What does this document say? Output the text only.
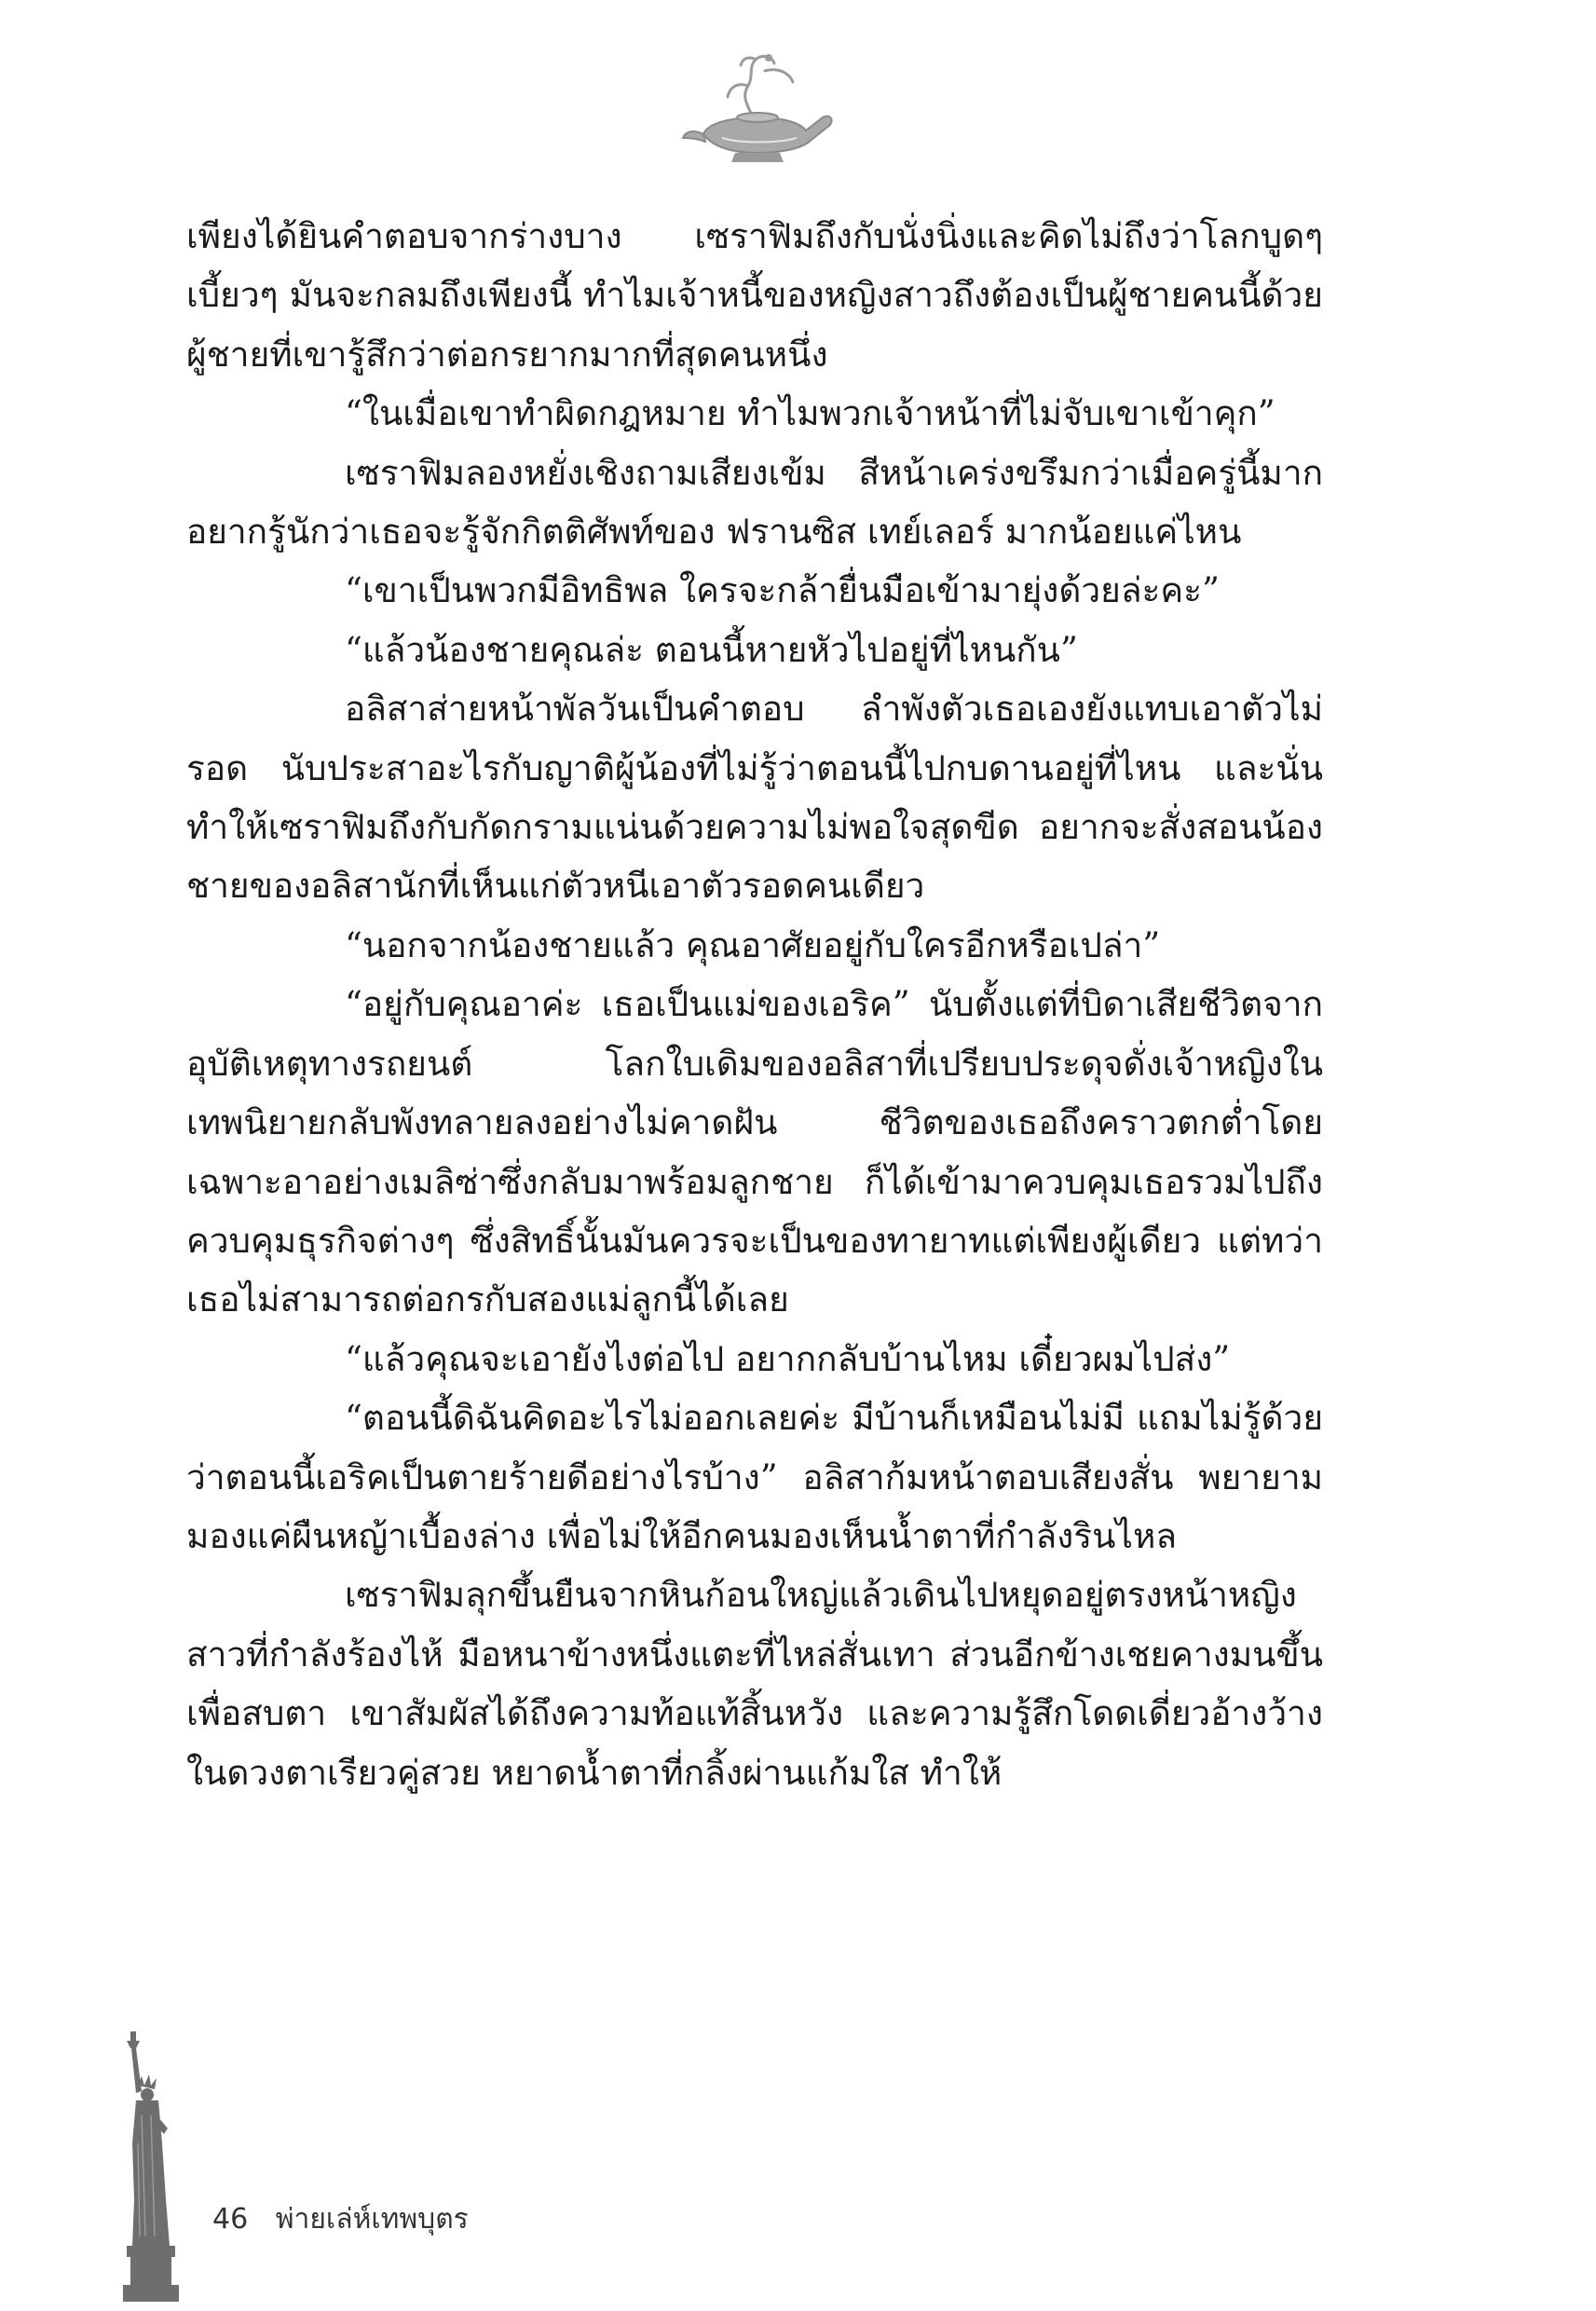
เพียงได้ยินคำตอบจากร่างบาง เซราฟิมถึงกับนั่งนิ่งและคิดไม่ถึงว่าโลกบูดๆ เบี้ยวๆ มันจะกลมถึงเพียงนี้ ทำไมเจ้าหนี้ของหญิงสาวถึงต้องเป็นผู้ชายคนนี้ด้วย ผู้ชายที่เขารู้สึกว่าต่อกรยากมากที่สุดคนหนึ่ง

“ในเมื่อเขาทำผิดกฎหมาย ทำไมพวกเจ้าหน้าที่ไม่จับเขาเข้าคุก”

เซราฟิมลองหยั่งเชิงถามเสียงเข้ม สีหน้าเคร่งขรึมกว่าเมื่อครู่นี้มาก อยากรู้นักว่าเธอจะรู้จักกิตติศัพท์ของ ฟรานซิส เทย์เลอร์ มากน้อยแค่ไหน

“เขาเป็นพวกมีอิทธิพล ใครจะกล้ายื่นมือเข้ามายุ่งด้วยล่ะคะ”

“แล้วน้องชายคุณล่ะ ตอนนี้หายหัวไปอยู่ที่ไหนกัน”

อลิสาส่ายหน้าพัลวันเป็นคำตอบ ลำพังตัวเธอเองยังแทบเอาตัวไม่รอด นับประสาอะไรกับญาติผู้น้องที่ไม่รู้ว่าตอนนี้ไปกบดานอยู่ที่ไหน และนั่นทำให้เซราฟิมถึงกับกัดกรามแน่นด้วยความไม่พอใจสุดขีด อยากจะสั่งสอนน้องชายของอลิสานักที่เห็นแก่ตัวหนีเอาตัวรอดคนเดียว

“นอกจากน้องชายแล้ว คุณอาศัยอยู่กับใครอีกหรือเปล่า”

“อยู่กับคุณอาค่ะ เธอเป็นแม่ของเอริค” นับตั้งแต่ที่บิดาเสียชีวิตจากอุบัติเหตุทางรถยนต์ โลกใบเดิมของอลิสาที่เปรียบประดุจดั่งเจ้าหญิงในเทพนิยายกลับพังทลายลงอย่างไม่คาดฝัน ชีวิตของเธอถึงคราวตกต่ำโดยเฉพาะอาอย่างเมลิซ่าซึ่งกลับมาพร้อมลูกชาย ก็ได้เข้ามาควบคุมเธอรวมไปถึงควบคุมธุรกิจต่างๆ ซึ่งสิทธิ์นั้นมันควรจะเป็นของทายาทแต่เพียงผู้เดียว แต่ทว่าเธอไม่สามารถต่อกรกับสองแม่ลูกนี้ได้เลย

“แล้วคุณจะเอายังไงต่อไป อยากกลับบ้านไหม เดี๋ยวผมไปส่ง”

“ตอนนี้ดิฉันคิดอะไรไม่ออกเลยค่ะ มีบ้านก็เหมือนไม่มี แถมไม่รู้ด้วยว่าตอนนี้เอริคเป็นตายร้ายดีอย่างไรบ้าง” อลิสาก้มหน้าตอบเสียงสั่น พยายามมองแค่ผืนหญ้าเบื้องล่าง เพื่อไม่ให้อีกคนมองเห็นน้ำตาที่กำลังรินไหล

เซราฟิมลุกขึ้นยืนจากหินก้อนใหญ่แล้วเดินไปหยุดอยู่ตรงหน้าหญิงสาวที่กำลังร้องไห้ มือหนาข้างหนึ่งแตะที่ไหล่สั่นเทา ส่วนอีกข้างเชยคางมนขึ้นเพื่อสบตา เขาสัมผัสได้ถึงความท้อแท้สิ้นหวัง และความรู้สึกโดดเดี่ยวอ้างว้างในดวงตาเรียวคู่สวย หยาดน้ำตาที่กลิ้งผ่านแก้มใส ทำให้

46 พ่ายเล่ห์เทพบุตร
